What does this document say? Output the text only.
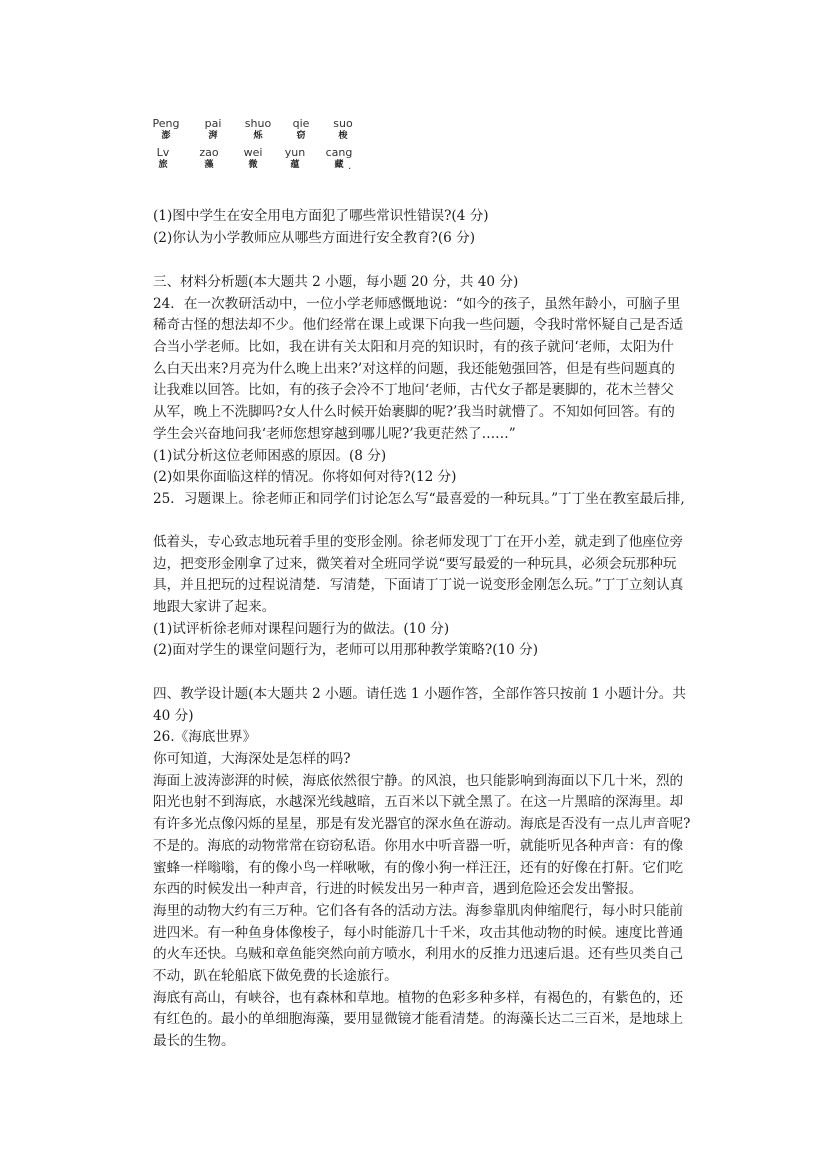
Peng
澎
pai
湃
shuo
烁
qie
窃
suo
梭
Lv
旅
zao
藻
wei
微
yun
蕴
cang
藏 .
(1)图中学生在安全用电方面犯了哪些常识性错误?(4 分)
(2)你认为小学教师应从哪些方面进行安全教育?(6 分)
三、材料分析题(本大题共 2 小题，每小题 20 分，共 40 分)
24．在一次教研活动中，一位小学老师感慨地说：“如今的孩子，虽然年龄小，可脑子里
稀奇古怪的想法却不少。他们经常在课上或课下向我一些问题，令我时常怀疑自己是否适
合当小学老师。比如，我在讲有关太阳和月亮的知识时，有的孩子就问‘老师，太阳为什
么白天出来?月亮为什么晚上出来?’对这样的问题，我还能勉强回答，但是有些问题真的
让我难以回答。比如，有的孩子会冷不丁地问‘老师，古代女子都是裹脚的，花木兰替父
从军，晚上不洗脚吗?女人什么时候开始裹脚的呢?’我当时就懵了。不知如何回答。有的
学生会兴奋地问我‘老师您想穿越到哪儿呢?’我更茫然了……”
(1)试分析这位老师困惑的原因。(8 分)
(2)如果你面临这样的情况。你将如何对待?(12 分)
25．习题课上。徐老师正和同学们讨论怎么写“最喜爱的一种玩具。”丁丁坐在教室最后排,
低着头，专心致志地玩着手里的变形金刚。徐老师发现丁丁在开小差，就走到了他座位旁
边，把变形金刚拿了过来，微笑着对全班同学说“要写最爱的一种玩具，必须会玩那种玩
具，并且把玩的过程说清楚．写清楚，下面请丁丁说一说变形金刚怎么玩。”丁丁立刻认真
地跟大家讲了起来。
(1)试评析徐老师对课程问题行为的做法。(10 分)
(2)面对学生的课堂问题行为，老师可以用那种教学策略?(10 分)
四、教学设计题(本大题共 2 小题。请任选 1 小题作答，全部作答只按前 1 小题计分。共
40 分)
26.《海底世界》
你可知道，大海深处是怎样的吗?
海面上波涛澎湃的时候，海底依然很宁静。的风浪，也只能影响到海面以下几十米，烈的
阳光也射不到海底，水越深光线越暗，五百米以下就全黑了。在这一片黑暗的深海里。却
有许多光点像闪烁的星星，那是有发光器官的深水鱼在游动。海底是否没有一点儿声音呢?
不是的。海底的动物常常在窃窃私语。你用水中听音器一听，就能听见各种声音：有的像
蜜蜂一样嗡嗡，有的像小鸟一样啾啾，有的像小狗一样汪汪，还有的好像在打鼾。它们吃
东西的时候发出一种声音，行进的时候发出另一种声音，遇到危险还会发出警报。
海里的动物大约有三万种。它们各有各的活动方法。海参靠肌肉伸缩爬行，每小时只能前
进四米。有一种鱼身体像梭子，每小时能游几十千米，攻击其他动物的时候。速度比普通
的火车还快。乌贼和章鱼能突然向前方喷水，利用水的反推力迅速后退。还有些贝类自己
不动，趴在轮船底下做免费的长途旅行。
海底有高山，有峡谷，也有森林和草地。植物的色彩多种多样，有褐色的，有紫色的，还
有红色的。最小的单细胞海藻，要用显微镜才能看清楚。的海藻长达二三百米，是地球上
最长的生物。
